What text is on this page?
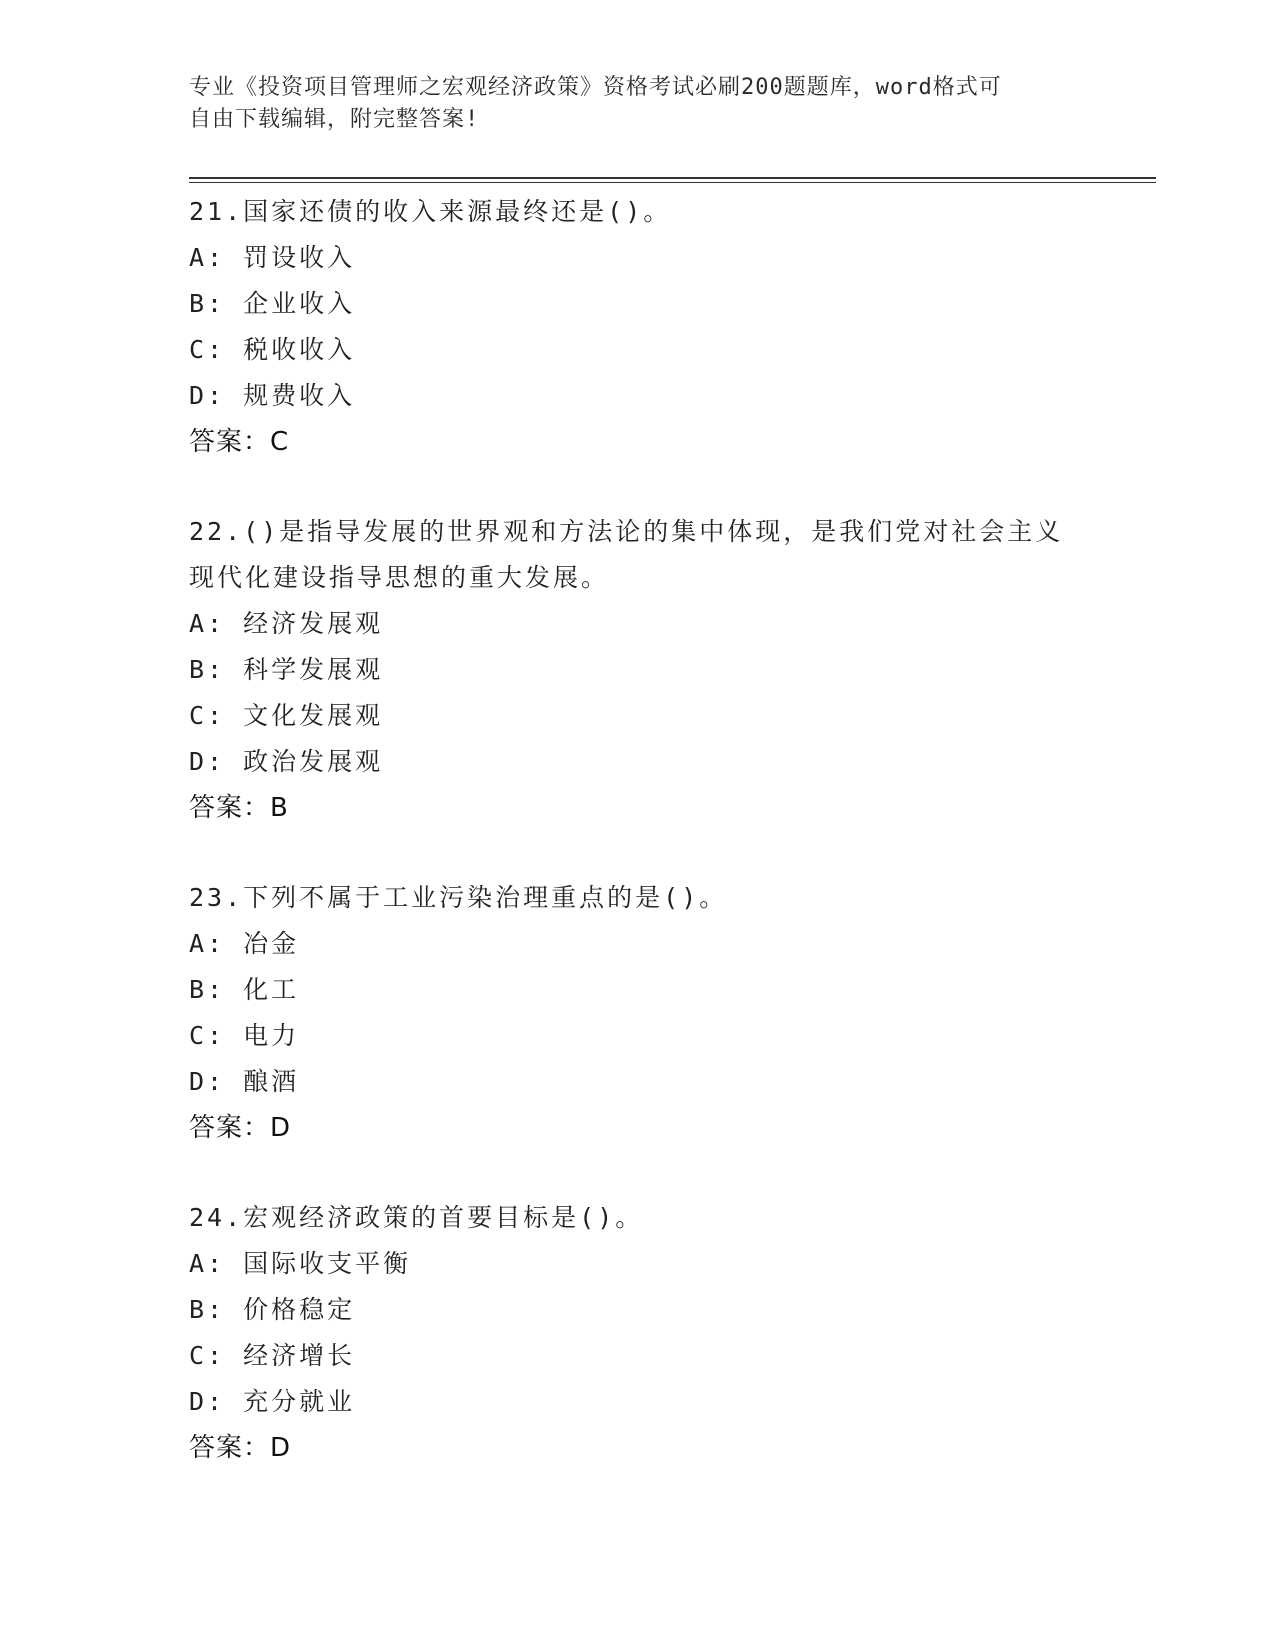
专业《投资项目管理师之宏观经济政策》资格考试必刷200题题库，word格式可
自由下载编辑，附完整答案!

21.国家还债的收入来源最终还是()。

A: 罚设收入

B: 企业收入

C: 税收收入

D: 规费收入

答案：C

22.()是指导发展的世界观和方法论的集中体现，是我们党对社会主义现代化建设指导思想的重大发展。

A: 经济发展观

B: 科学发展观

C: 文化发展观

D: 政治发展观

答案：B

23.下列不属于工业污染治理重点的是()。

A: 冶金

B: 化工

C: 电力

D: 酿酒

答案：D

24.宏观经济政策的首要目标是()。

A: 国际收支平衡

B: 价格稳定

C: 经济增长

D: 充分就业

答案：D
